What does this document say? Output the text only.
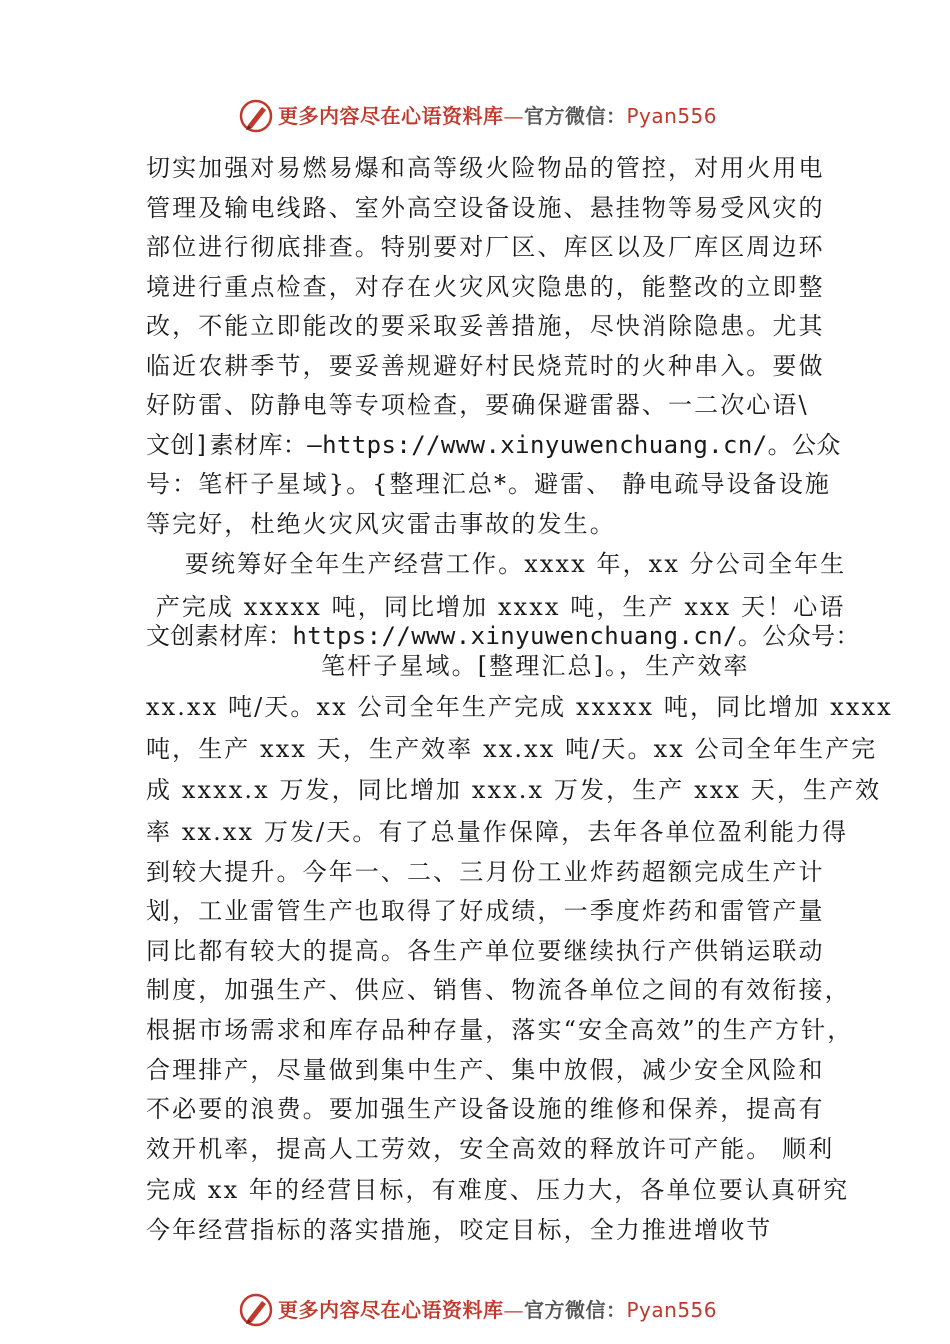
更多内容尽在心语资料库—官方微信：Pyan556
切实加强对易燃易爆和高等级火险物品的管控，对用火用电
管理及输电线路、室外高空设备设施、悬挂物等易受风灾的
部位进行彻底排查。特别要对厂区、库区以及厂库区周边环
境进行重点检查，对存在火灾风灾隐患的，能整改的立即整
改，不能立即能改的要采取妥善措施，尽快消除隐患。尤其
临近农耕季节，要妥善规避好村民烧荒时的火种串入。要做
好防雷、防静电等专项检查，要确保避雷器、一二次心语\
文创]素材库：—https://www.xinyuwenchuang.cn/。公众
号：笔杆子星域}。{整理汇总*。避雷、 静电疏导设备设施
等完好，杜绝火灾风灾雷击事故的发生。
要统筹好全年生产经营工作。xxxx 年，xx 分公司全年生
产完成 xxxxx 吨，同比增加 xxxx 吨，生产 xxx 天！心语
文创素材库：https://www.xinyuwenchuang.cn/。公众号：
笔杆子星域。[整理汇总]。，生产效率
xx.xx 吨/天。xx 公司全年生产完成 xxxxx 吨，同比增加 xxxx
吨，生产 xxx 天，生产效率 xx.xx 吨/天。xx 公司全年生产完
成 xxxx.x 万发，同比增加 xxx.x 万发，生产 xxx 天，生产效
率 xx.xx 万发/天。有了总量作保障，去年各单位盈利能力得
到较大提升。今年一、二、三月份工业炸药超额完成生产计
划，工业雷管生产也取得了好成绩，一季度炸药和雷管产量
同比都有较大的提高。各生产单位要继续执行产供销运联动
制度，加强生产、供应、销售、物流各单位之间的有效衔接，
根据市场需求和库存品种存量，落实“安全高效”的生产方针，
合理排产，尽量做到集中生产、集中放假，减少安全风险和
不必要的浪费。要加强生产设备设施的维修和保养，提高有
效开机率，提高人工劳效，安全高效的释放许可产能。 顺利
完成 xx 年的经营目标，有难度、压力大，各单位要认真研究
今年经营指标的落实措施，咬定目标，全力推进增收节
更多内容尽在心语资料库—官方微信：Pyan556
